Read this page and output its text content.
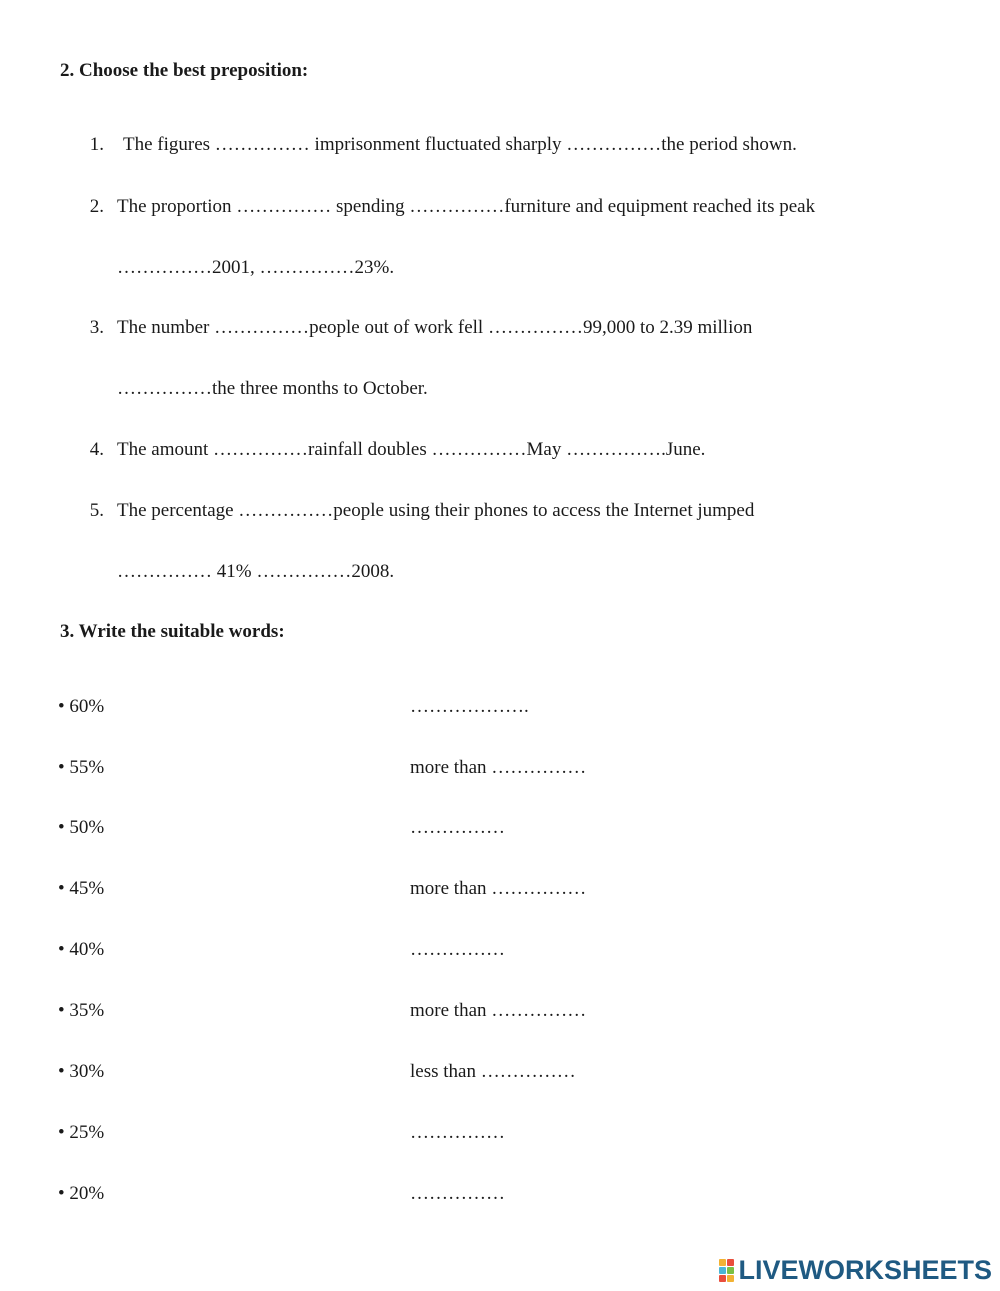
2. Choose the best preposition:
1. The figures …………… imprisonment fluctuated sharply ……………the period shown.
2. The proportion …………… spending ……………furniture and equipment reached its peak
……………2001, ……………23%.
3. The number ……………people out of work fell ……………99,000 to 2.39 million
……………the three months to October.
4. The amount ……………rainfall doubles ……………May …………….June.
5. The percentage ……………people using their phones to access the Internet jumped
…………… 41% ……………2008.
3. Write the suitable words:
• 60%	……………….
• 55%	more than ……………
• 50%	……………
• 45%	more than ……………
• 40%	……………
• 35%	more than ……………
• 30%	less than ……………
• 25%	……………
• 20%	……………
LIVEWORKSHEETS
